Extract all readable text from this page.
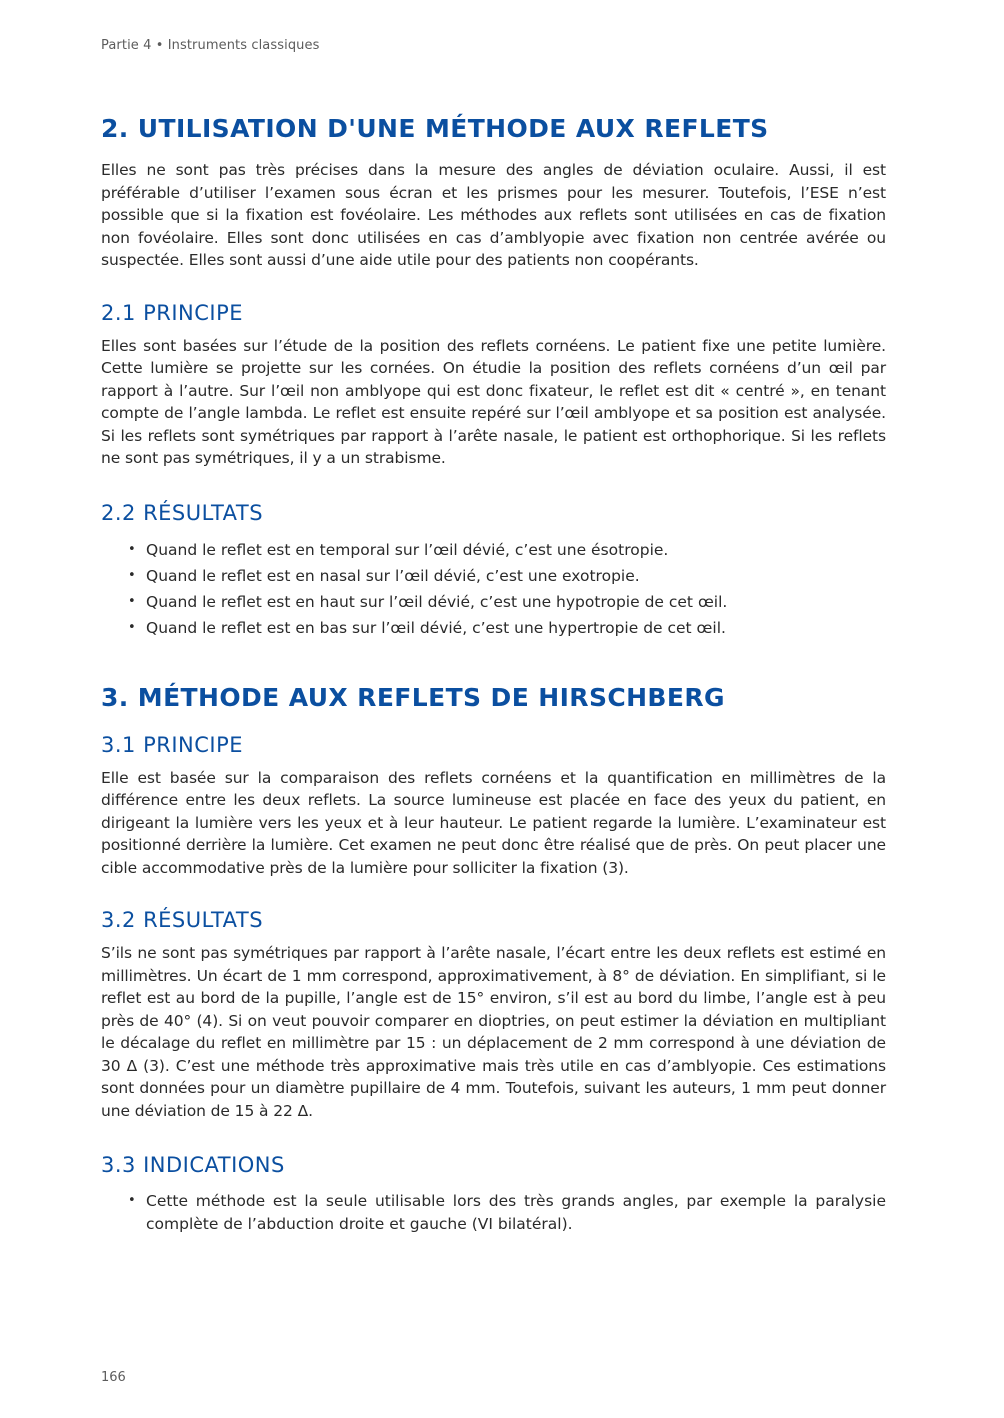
Partie 4 • Instruments classiques
2. UTILISATION D'UNE MÉTHODE AUX REFLETS

Elles ne sont pas très précises dans la mesure des angles de déviation oculaire. Aussi, il est préférable d’utiliser l’examen sous écran et les prismes pour les mesurer. Toutefois, l’ESE n’est possible que si la fixation est fovéolaire. Les méthodes aux reflets sont utilisées en cas de fixation non fovéolaire. Elles sont donc utilisées en cas d’amblyopie avec fixation non centrée avérée ou suspectée. Elles sont aussi d’une aide utile pour des patients non coopérants.

2.1 PRINCIPE

Elles sont basées sur l’étude de la position des reflets cornéens. Le patient fixe une petite lumière. Cette lumière se projette sur les cornées. On étudie la position des reflets cornéens d’un œil par rapport à l’autre. Sur l’œil non amblyope qui est donc fixateur, le reflet est dit « centré », en tenant compte de l’angle lambda. Le reflet est ensuite repéré sur l’œil amblyope et sa position est analysée. Si les reflets sont symétriques par rapport à l’arête nasale, le patient est orthophorique. Si les reflets ne sont pas symétriques, il y a un strabisme.

2.2 RÉSULTATS
• Quand le reflet est en temporal sur l’œil dévié, c’est une ésotropie.
• Quand le reflet est en nasal sur l’œil dévié, c’est une exotropie.
• Quand le reflet est en haut sur l’œil dévié, c’est une hypotropie de cet œil.
• Quand le reflet est en bas sur l’œil dévié, c’est une hypertropie de cet œil.
3. MÉTHODE AUX REFLETS DE HIRSCHBERG
3.1 PRINCIPE

Elle est basée sur la comparaison des reflets cornéens et la quantification en millimètres de la différence entre les deux reflets. La source lumineuse est placée en face des yeux du patient, en dirigeant la lumière vers les yeux et à leur hauteur. Le patient regarde la lumière. L’examinateur est positionné derrière la lumière. Cet examen ne peut donc être réalisé que de près. On peut placer une cible accommodative près de la lumière pour solliciter la fixation (3).

3.2 RÉSULTATS

S’ils ne sont pas symétriques par rapport à l’arête nasale, l’écart entre les deux reflets est estimé en millimètres. Un écart de 1 mm correspond, approximativement, à 8° de déviation. En simplifiant, si le reflet est au bord de la pupille, l’angle est de 15° environ, s’il est au bord du limbe, l’angle est à peu près de 40° (4). Si on veut pouvoir comparer en dioptries, on peut estimer la déviation en multipliant le décalage du reflet en millimètre par 15 : un déplacement de 2 mm correspond à une déviation de 30 Δ (3). C’est une méthode très approximative mais très utile en cas d’amblyopie. Ces estimations sont données pour un diamètre pupillaire de 4 mm. Toutefois, suivant les auteurs, 1 mm peut donner une déviation de 15 à 22 Δ.

3.3 INDICATIONS
• Cette méthode est la seule utilisable lors des très grands angles, par exemple la paralysie complète de l’abduction droite et gauche (VI bilatéral).
166
